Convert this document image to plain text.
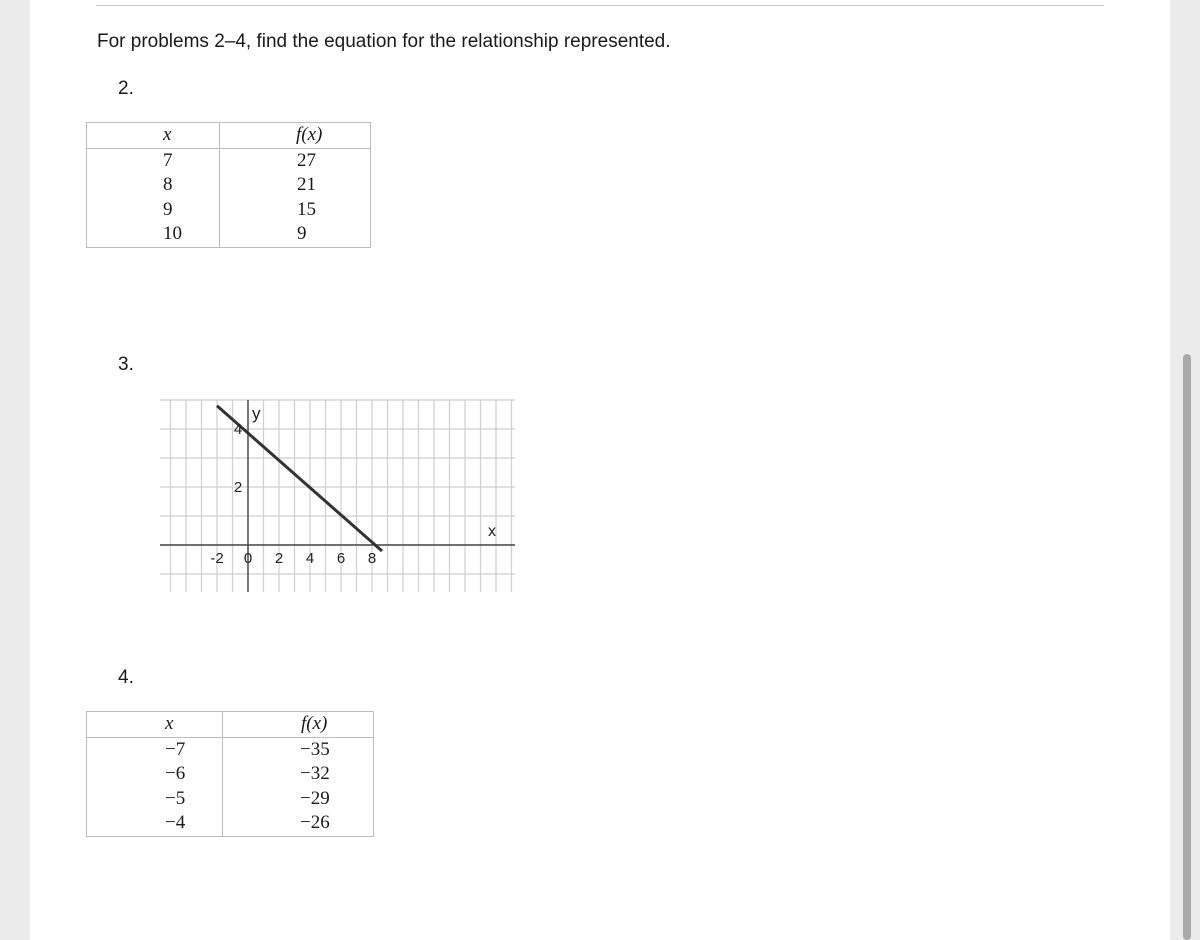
For problems 2–4, find the equation for the relationship represented.
2.
x	f(x)
7	27
8	21
9	15
10	9
3.
-2 0 2 4 6 8
4
2
y
x
4.
x	f(x)
−7	−35
−6	−32
−5	−29
−4	−26
